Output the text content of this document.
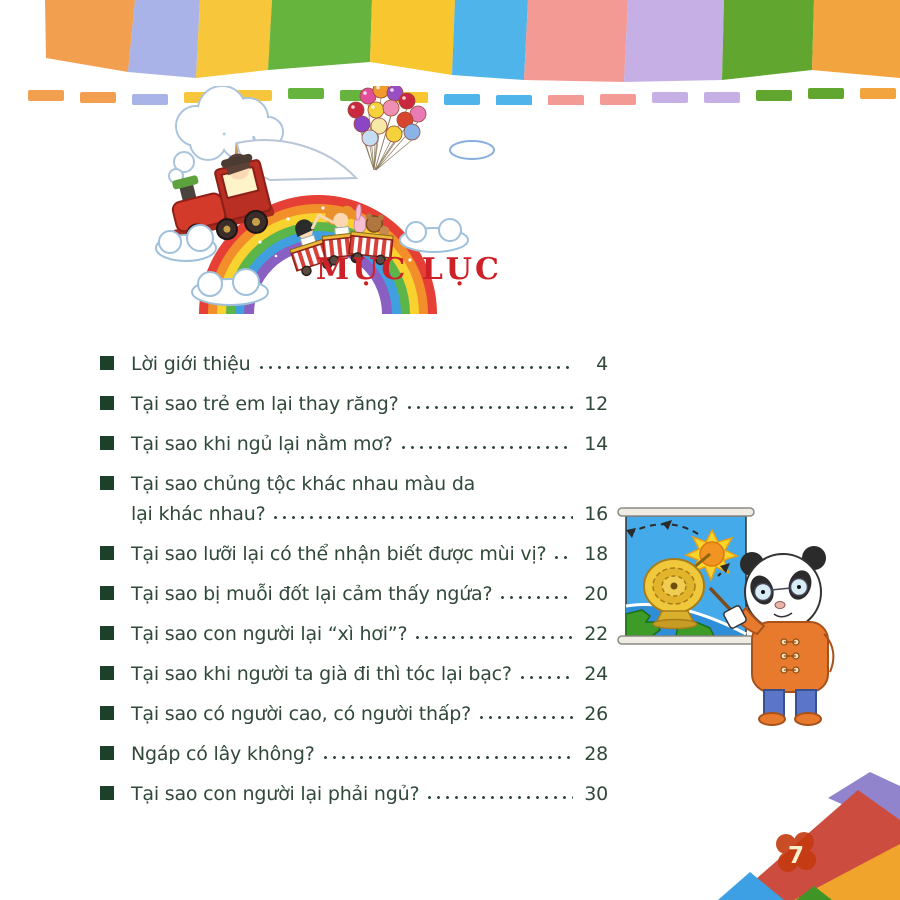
MỤC LỤC
Lời giới thiệu	4
Tại sao trẻ em lại thay răng?	12
Tại sao khi ngủ lại nằm mơ?	14
Tại sao chủng tộc khác nhau màu da
lại khác nhau?	16
Tại sao lưỡi lại có thể nhận biết được mùi vị?	18
Tại sao bị muỗi đốt lại cảm thấy ngứa?	20
Tại sao con người lại “xì hơi”?	22
Tại sao khi người ta già đi thì tóc lại bạc?	24
Tại sao có người cao, có người thấp?	26
Ngáp có lây không?	28
Tại sao con người lại phải ngủ?	30
7
